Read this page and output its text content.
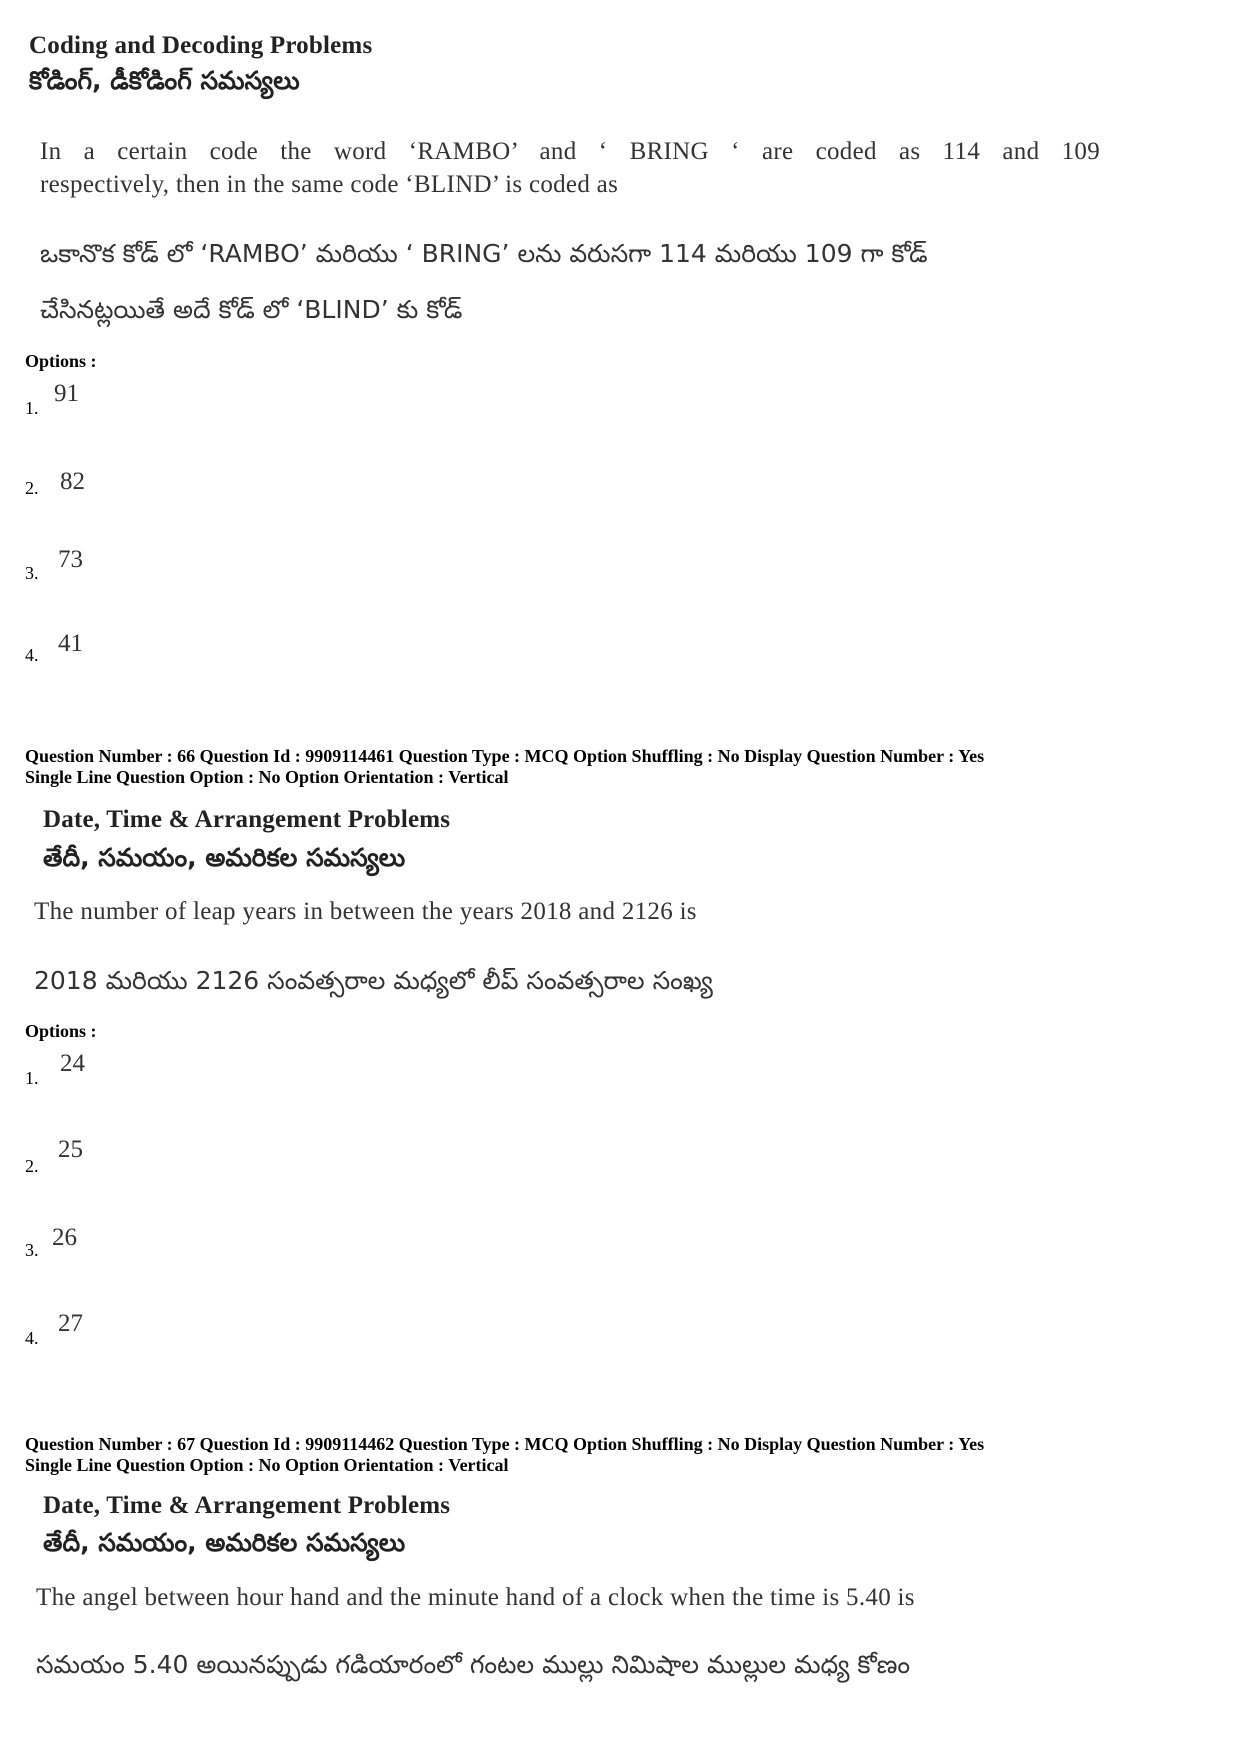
Coding and Decoding Problems
కోడింగ్, డీకోడింగ్ సమస్యలు
In a certain code the word ‘RAMBO’ and ‘ BRING ‘ are coded as 114 and 109
respectively, then in the same code ‘BLIND’ is coded as
ఒకానొక కోడ్ లో ‘RAMBO’ మరియు ‘ BRING’ లను వరుసగా 114 మరియు 109 గా కోడ్
చేసినట్లయితే అదే కోడ్ లో ‘BLIND’ కు కోడ్
Options :
1.
91
2. 82
3. 73
4. 41
Question Number : 66 Question Id : 9909114461 Question Type : MCQ Option Shuffling : No Display Question Number : Yes
Single Line Question Option : No Option Orientation : Vertical
Date, Time & Arrangement Problems
తేదీ, సమయం, అమరికల సమస్యలు
The number of leap years in between the years 2018 and 2126 is
2018 మరియు 2126 సంవత్సరాల మధ్యలో లీప్ సంవత్సరాల సంఖ్య
Options :
1.
24
2.
25
3. 26
4.
27
Question Number : 67 Question Id : 9909114462 Question Type : MCQ Option Shuffling : No Display Question Number : Yes
Single Line Question Option : No Option Orientation : Vertical
Date, Time & Arrangement Problems
తేదీ, సమయం, అమరికల సమస్యలు
The angel between hour hand and the minute hand of a clock when the time is 5.40 is
సమయం 5.40 అయినప్పుడు గడియారంలో గంటల ముల్లు నిమిషాల ముల్లుల మధ్య కోణం
